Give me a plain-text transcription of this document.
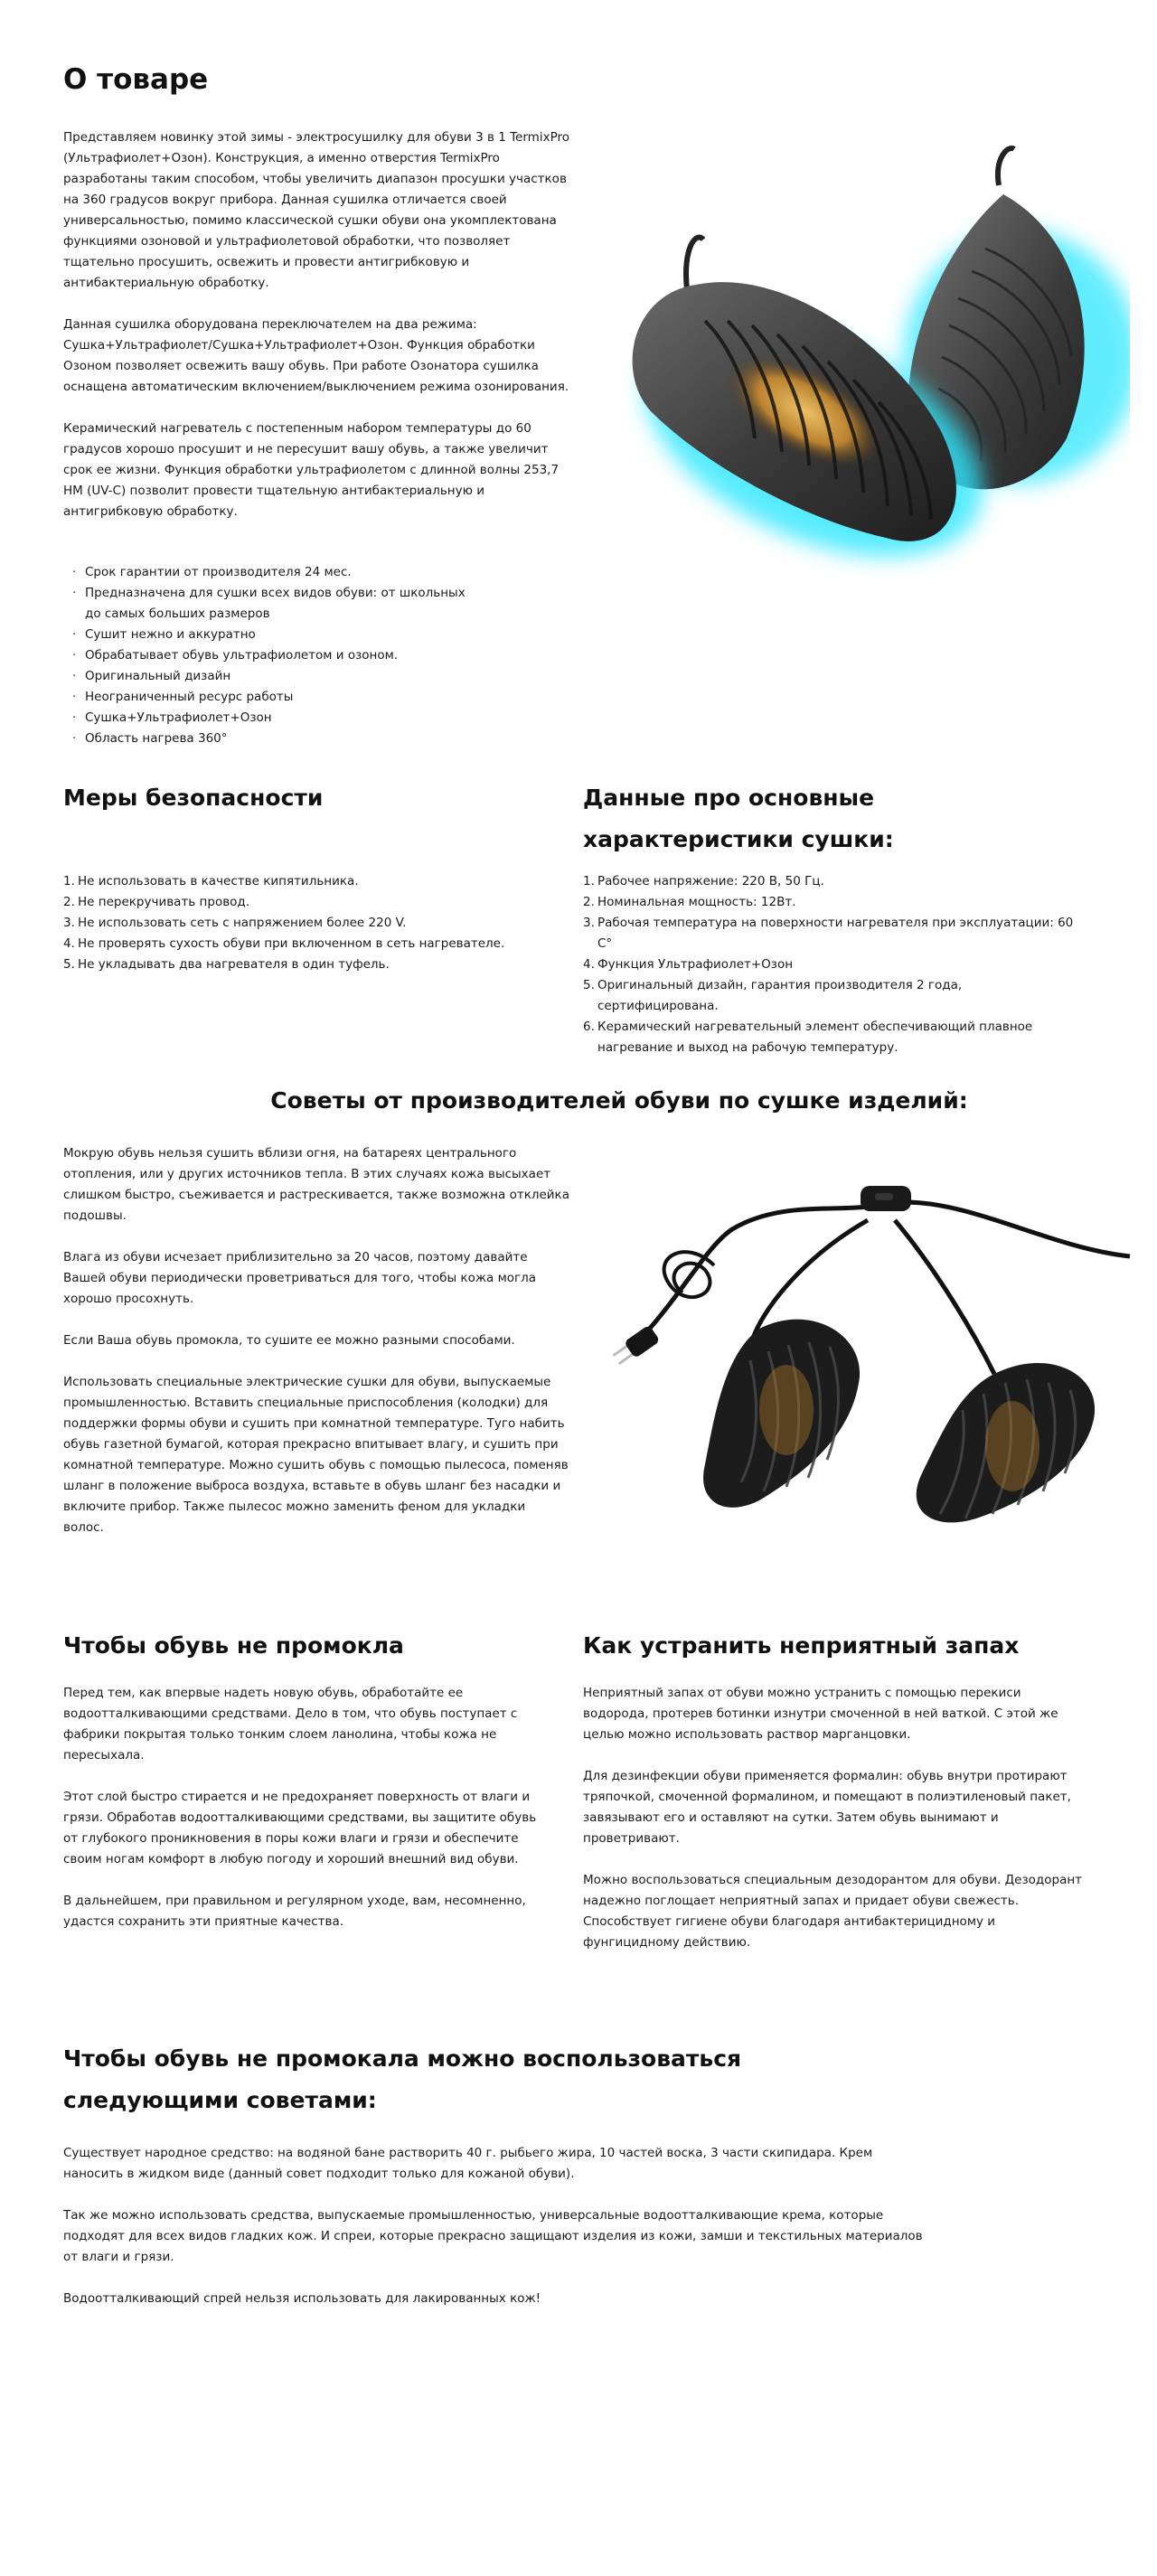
О товаре

Представляем новинку этой зимы - электросушилку для обуви 3 в 1 TermixPro (Ультрафиолет+Озон). Конструкция, а именно отверстия TermixPro разработаны таким способом, чтобы увеличить диапазон просушки участков на 360 градусов вокруг прибора. Данная сушилка отличается своей универсальностью, помимо классической сушки обуви она укомплектована функциями озоновой и ультрафиолетовой обработки, что позволяет тщательно просушить, освежить и провести антигрибковую и антибактериальную обработку.

Данная сушилка оборудована переключателем на два режима: Сушка+Ультрафиолет/Сушка+Ультрафиолет+Озон. Функция обработки Озоном позволяет освежить вашу обувь. При работе Озонатора сушилка оснащена автоматическим включением/выключением режима озонирования.

Керамический нагреватель с постепенным набором температуры до 60 градусов хорошо просушит и не пересушит вашу обувь, а также увеличит срок ее жизни. Функция обработки ультрафиолетом с длинной волны 253,7 НМ (UV-C) позволит провести тщательную антибактериальную и антигрибковую обработку.

· Срок гарантии от производителя 24 мес.
· Предназначена для сушки всех видов обуви: от школьных до самых больших размеров
· Сушит нежно и аккуратно
· Обрабатывает обувь ультрафиолетом и озоном.
· Оригинальный дизайн
· Неограниченный ресурс работы
· Сушка+Ультрафиолет+Озон
· Область нагрева 360°
Меры безопасности
1. Не использовать в качестве кипятильника.
2. Не перекручивать провод.
3. Не использовать сеть с напряжением более 220 V.
4. Не проверять сухость обуви при включенном в сеть нагревателе.
5. Не укладывать два нагревателя в один туфель.
Данные про основные характеристики сушки:
1. Рабочее напряжение: 220 В, 50 Гц.
2. Номинальная мощность: 12Вт.
3. Рабочая температура на поверхности нагревателя при эксплуатации: 60 С°
4. Функция Ультрафиолет+Озон
5. Оригинальный дизайн, гарантия производителя 2 года, сертифицирована.
6. Керамический нагревательный элемент обеспечивающий плавное нагревание и выход на рабочую температуру.
Советы от производителей обуви по сушке изделий:

Мокрую обувь нельзя сушить вблизи огня, на батареях центрального отопления, или у других источников тепла. В этих случаях кожа высыхает слишком быстро, съеживается и растрескивается, также возможна отклейка подошвы.

Влага из обуви исчезает приблизительно за 20 часов, поэтому давайте Вашей обуви периодически проветриваться для того, чтобы кожа могла хорошо просохнуть.

Если Ваша обувь промокла, то сушите ее можно разными способами.

Использовать специальные электрические сушки для обуви, выпускаемые промышленностью. Вставить специальные приспособления (колодки) для поддержки формы обуви и сушить при комнатной температуре. Туго набить обувь газетной бумагой, которая прекрасно впитывает влагу, и сушить при комнатной температуре. Можно сушить обувь с помощью пылесоса, поменяв шланг в положение выброса воздуха, вставьте в обувь шланг без насадки и включите прибор. Также пылесос можно заменить феном для укладки волос.

Чтобы обувь не промокла

Перед тем, как впервые надеть новую обувь, обработайте ее водоотталкивающими средствами. Дело в том, что обувь поступает с фабрики покрытая только тонким слоем ланолина, чтобы кожа не пересыхала.

Этот слой быстро стирается и не предохраняет поверхность от влаги и грязи. Обработав водоотталкивающими средствами, вы защитите обувь от глубокого проникновения в поры кожи влаги и грязи и обеспечите своим ногам комфорт в любую погоду и хороший внешний вид обуви.

В дальнейшем, при правильном и регулярном уходе, вам, несомненно, удастся сохранить эти приятные качества.

Как устранить неприятный запах

Неприятный запах от обуви можно устранить с помощью перекиси водорода, протерев ботинки изнутри смоченной в ней ваткой. С этой же целью можно использовать раствор марганцовки.

Для дезинфекции обуви применяется формалин: обувь внутри протирают тряпочкой, смоченной формалином, и помещают в полиэтиленовый пакет, завязывают его и оставляют на сутки. Затем обувь вынимают и проветривают.

Можно воспользоваться специальным дезодорантом для обуви. Дезодорант надежно поглощает неприятный запах и придает обуви свежесть. Способствует гигиене обуви благодаря антибактерицидному и фунгицидному действию.

Чтобы обувь не промокала можно воспользоваться следующими советами:

Существует народное средство: на водяной бане растворить 40 г. рыбьего жира, 10 частей воска, 3 части скипидара. Крем наносить в жидком виде (данный совет подходит только для кожаной обуви).

Так же можно использовать средства, выпускаемые промышленностью, универсальные водоотталкивающие крема, которые подходят для всех видов гладких кож. И спреи, которые прекрасно защищают изделия из кожи, замши и текстильных материалов от влаги и грязи.

Водоотталкивающий спрей нельзя использовать для лакированных кож!
